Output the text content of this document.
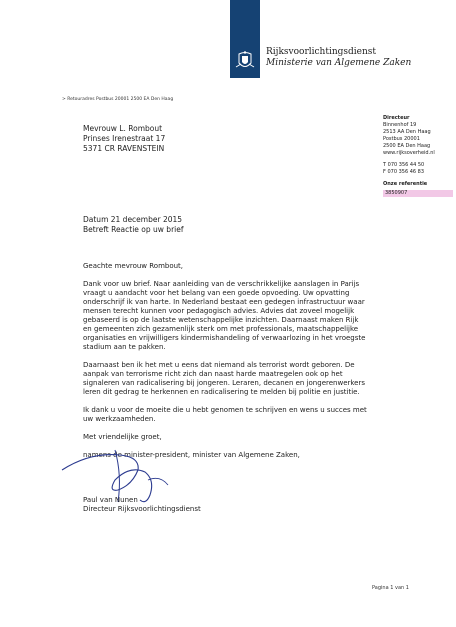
Rijksvoorlichtingsdienst
Ministerie van Algemene Zaken
> Retouradres Postbus 20001 2500 EA Den Haag
Mevrouw L. Rombout
Prinses Irenestraat 17
5371 CR RAVENSTEIN
Directeur
Binnenhof 19
2513 AA Den Haag
Postbus 20001
2500 EA Den Haag
www.rijksoverheid.nl
T 070 356 44 50
F 070 356 46 83
Onze referentie
3850907
Datum 21 december 2015
Betreft Reactie op uw brief

Geachte mevrouw Rombout,

Dank voor uw brief. Naar aanleiding van de verschrikkelijke aanslagen in Parijs vraagt u aandacht voor het belang van een goede opvoeding. Uw opvatting onderschrijf ik van harte. In Nederland bestaat een gedegen infrastructuur waar mensen terecht kunnen voor pedagogisch advies. Advies dat zoveel mogelijk gebaseerd is op de laatste wetenschappelijke inzichten. Daarnaast maken Rijk en gemeenten zich gezamenlijk sterk om met professionals, maatschappelijke organisaties en vrijwilligers kindermishandeling of verwaarlozing in het vroegste stadium aan te pakken.

Daarnaast ben ik het met u eens dat niemand als terrorist wordt geboren. De aanpak van terrorisme richt zich dan naast harde maatregelen ook op het signaleren van radicalisering bij jongeren. Leraren, decanen en jongerenwerkers leren dit gedrag te herkennen en radicalisering te melden bij politie en justitie.

Ik dank u voor de moeite die u hebt genomen te schrijven en wens u succes met uw werkzaamheden.

Met vriendelijke groet,

namens de minister-president, minister van Algemene Zaken,

Paul van Nunen
Directeur Rijksvoorlichtingsdienst
Pagina 1 van 1
